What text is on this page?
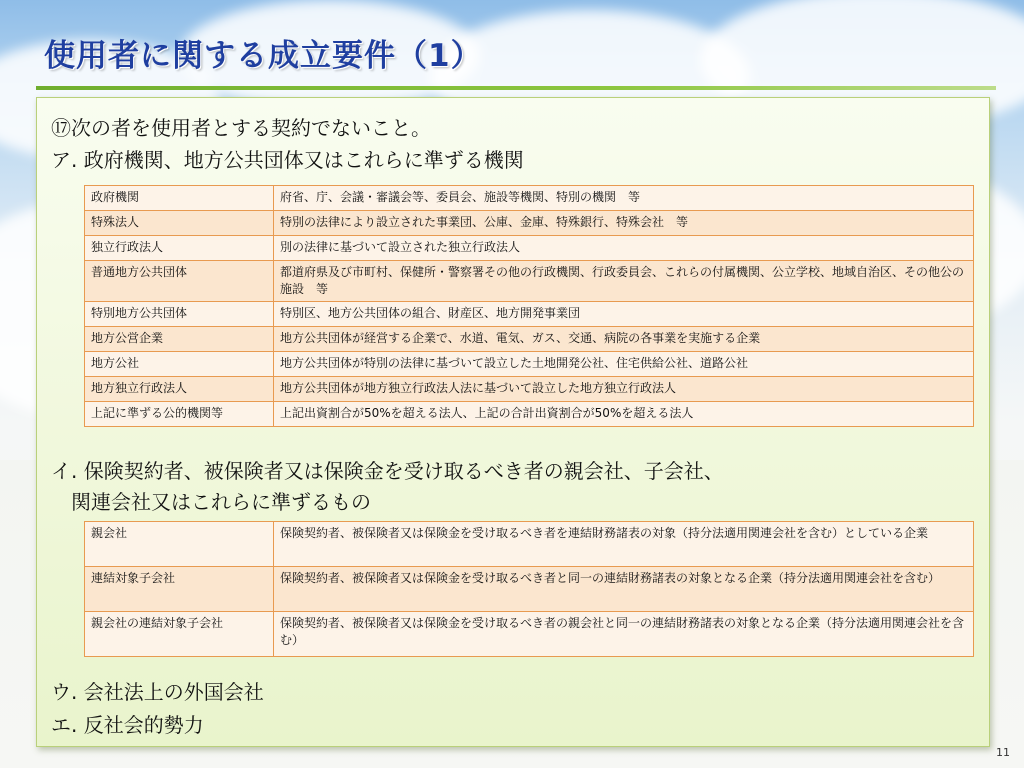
使用者に関する成立要件（1）

⑰次の者を使用者とする契約でないこと。

ア. 政府機関、地方公共団体又はこれらに準ずる機関

政府機関	府省、庁、会議・審議会等、委員会、施設等機関、特別の機関　等
特殊法人	特別の法律により設立された事業団、公庫、金庫、特殊銀行、特殊会社　等
独立行政法人	別の法律に基づいて設立された独立行政法人
普通地方公共団体	都道府県及び市町村、保健所・警察署その他の行政機関、行政委員会、これらの付属機関、公立学校、地域自治区、その他公の施設　等
特別地方公共団体	特別区、地方公共団体の組合、財産区、地方開発事業団
地方公営企業	地方公共団体が経営する企業で、水道、電気、ガス、交通、病院の各事業を実施する企業
地方公社	地方公共団体が特別の法律に基づいて設立した土地開発公社、住宅供給公社、道路公社
地方独立行政法人	地方公共団体が地方独立行政法人法に基づいて設立した地方独立行政法人
上記に準ずる公的機関等	上記出資割合が50%を超える法人、上記の合計出資割合が50%を超える法人

イ. 保険契約者、被保険者又は保険金を受け取るべき者の親会社、子会社、

関連会社又はこれらに準ずるもの

親会社	保険契約者、被保険者又は保険金を受け取るべき者を連結財務諸表の対象（持分法適用関連会社を含む）としている企業
連結対象子会社	保険契約者、被保険者又は保険金を受け取るべき者と同一の連結財務諸表の対象となる企業（持分法適用関連会社を含む）
親会社の連結対象子会社	保険契約者、被保険者又は保険金を受け取るべき者の親会社と同一の連結財務諸表の対象となる企業（持分法適用関連会社を含む）

ウ. 会社法上の外国会社

エ. 反社会的勢力

11
